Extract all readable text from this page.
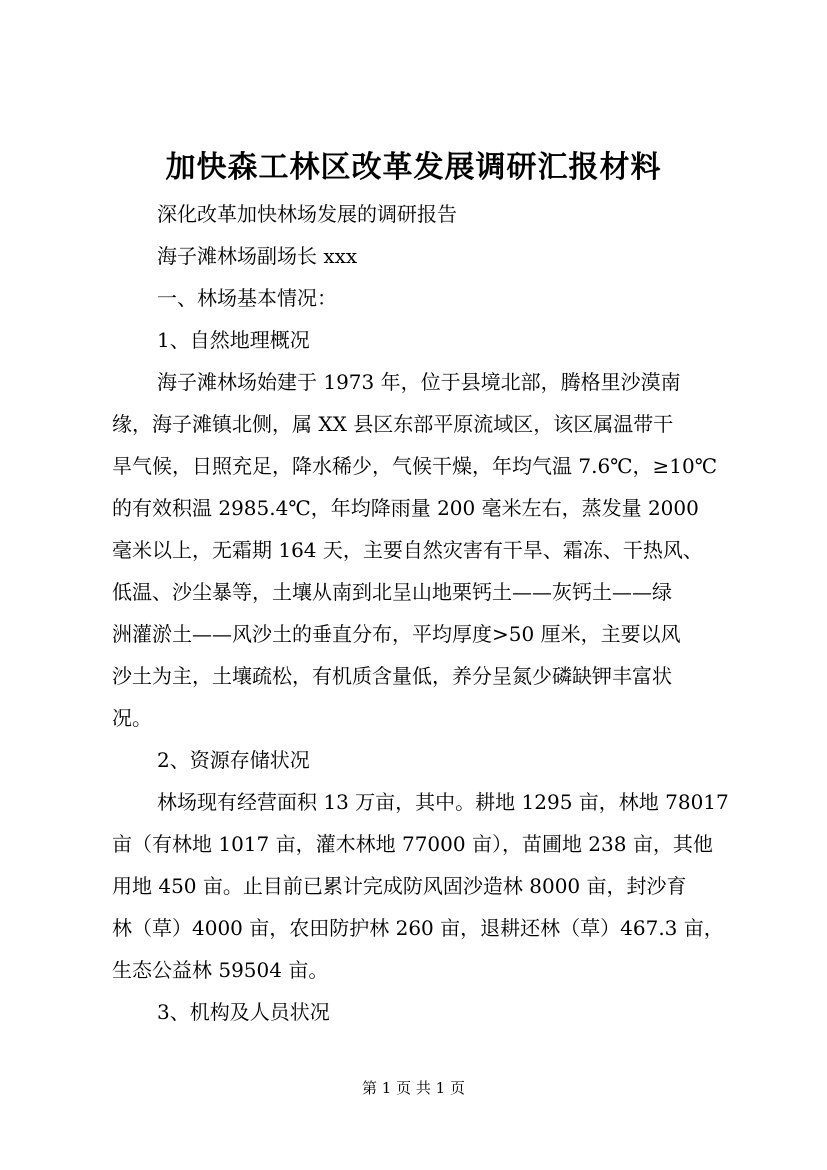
加快森工林区改革发展调研汇报材料
深化改革加快林场发展的调研报告
海子滩林场副场长 xxx
一、林场基本情况：
1、自然地理概况
海子滩林场始建于 1973 年，位于县境北部，腾格里沙漠南
缘，海子滩镇北侧，属 XX 县区东部平原流域区，该区属温带干
旱气候，日照充足，降水稀少，气候干燥，年均气温 7.6℃，≥10℃
的有效积温 2985.4℃，年均降雨量 200 毫米左右，蒸发量 2000
毫米以上，无霜期 164 天，主要自然灾害有干旱、霜冻、干热风、
低温、沙尘暴等，土壤从南到北呈山地栗钙土——灰钙土——绿
洲灌淤土——风沙土的垂直分布，平均厚度>50 厘米，主要以风
沙土为主，土壤疏松，有机质含量低，养分呈氮少磷缺钾丰富状
况。
2、资源存储状况
林场现有经营面积 13 万亩，其中。耕地 1295 亩，林地 78017
亩（有林地 1017 亩，灌木林地 77000 亩），苗圃地 238 亩，其他
用地 450 亩。止目前已累计完成防风固沙造林 8000 亩，封沙育
林（草）4000 亩，农田防护林 260 亩，退耕还林（草）467.3 亩，
生态公益林 59504 亩。
3、机构及人员状况
第 1 页 共 1 页
